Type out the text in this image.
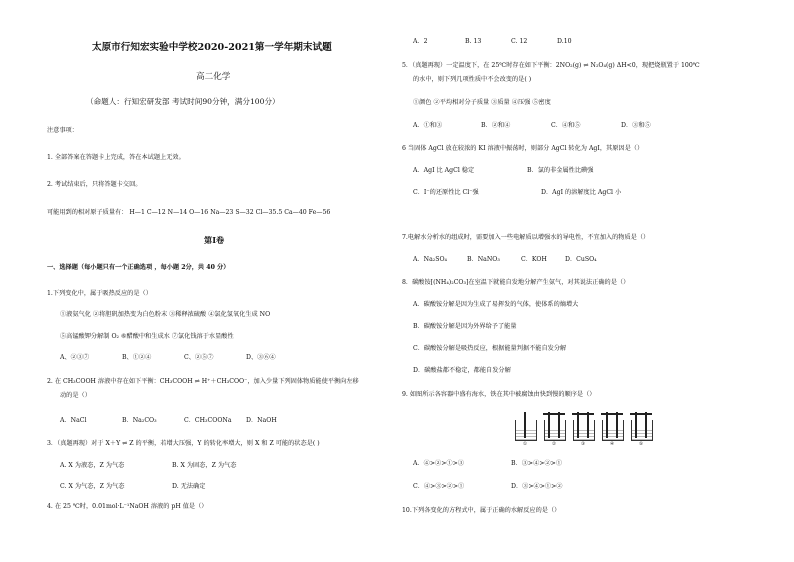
太原市行知宏实验中学校2020-2021第一学年期末试题
高二化学
（命题人：行知宏研发部 考试时间90分钟，满分100分）
注意事项：
1. 全部答案在答题卡上完成，答在本试题上无效。
2. 考试结束后，只将答题卡交回。
可能用到的相对原子质量有： H—1 C—12 N—14 O—16 Na—23 S—32 Cl—35.5 Ca—40 Fe—56
第Ⅰ卷
一、选择题（每小题只有一个正确选项 ，每小题 2分，共 40 分）
1.下列变化中，属于吸热反应的是（）
①液氨气化 ②将胆矾加热变为白色粉末 ③稀释浓硫酸 ④氯化氢氧化生成 NO
⑤高锰酸钾分解制 O₂ ⑥醋酸中和生成水 ⑦氯化钱溶于水显酸性
A、②③⑦	B、①②④	C、②⑤⑦	D、③⑥④
2. 在 CH₃COOH 溶液中存在如下平衡：CH₃COOH ⇌ H⁺＋CH₃COO⁻，加入少量下列固体物质能使平衡向左移
动的是（）
A．NaCl	B．Na₂CO₃	C．CH₃COONa D．NaOH
3．（真题再现）对于 X＋Y ⇌ Z 的平衡，若增大压强，Y 的转化率增大，则 X 和 Z 可能的状态是( )
A. X 为液态，Z 为气态	B. X 为固态，Z 为气态
C. X 为气态，Z 为气态	D. 无法确定
4. 在 25 ℃时，0.01mol·L⁻¹NaOH 溶液的 pH 值是（）
A．2	B. 13	C. 12	D.10
5．（真题再现）一定温度下，在 25℃时存在如下平衡：2NO₂(g) ⇌ N₂O₄(g) ΔH<0，现把烧瓶置于 100℃
的水中，则下列几项性质中不会改变的是( )
①颜色 ②平均相对分子质量 ③质量 ④压强 ⑤密度
A．①和③	B．②和④	C．④和⑤	D．③和⑤
6 当固体 AgCl 放在较浓的 KI 溶液中振荡时，则部分 AgCl 转化为 AgI，其原因是（）
A．AgI 比 AgCl 稳定	B．氯的非金属性比碘强
C．I⁻的还原性比 Cl⁻强	D．AgI 的溶解度比 AgCl 小
7.电解水分析水的组成时，需要加入一些电解质以增强水的导电性，不宜加入的物质是（）
A．Na₂SO₄	B．NaNO₃	C．KOH	D．CuSO₄
8．碳酸铵[(NH₄)₂CO₃]在室温下就能自发地分解产生氨气，对其说法正确的是（）
A．碳酸铵分解是因为生成了易挥发的气体，使体系的熵增大
B．碳酸铵分解是因为外界给予了能量
C．碳酸铵分解是吸热反应，根据能量判据不能自发分解
D．碳酸盐都不稳定，都能自发分解
9. 如图所示各容器中盛有海水，铁在其中被腐蚀由快到慢的顺序是（）
①	②	③	④	⑤
A．④>②>①>③	B．③>④>②>①
C．④>③>②>①	D．③>④>①>②
10.下列各变化的方程式中，属于正确的水解反应的是（）
